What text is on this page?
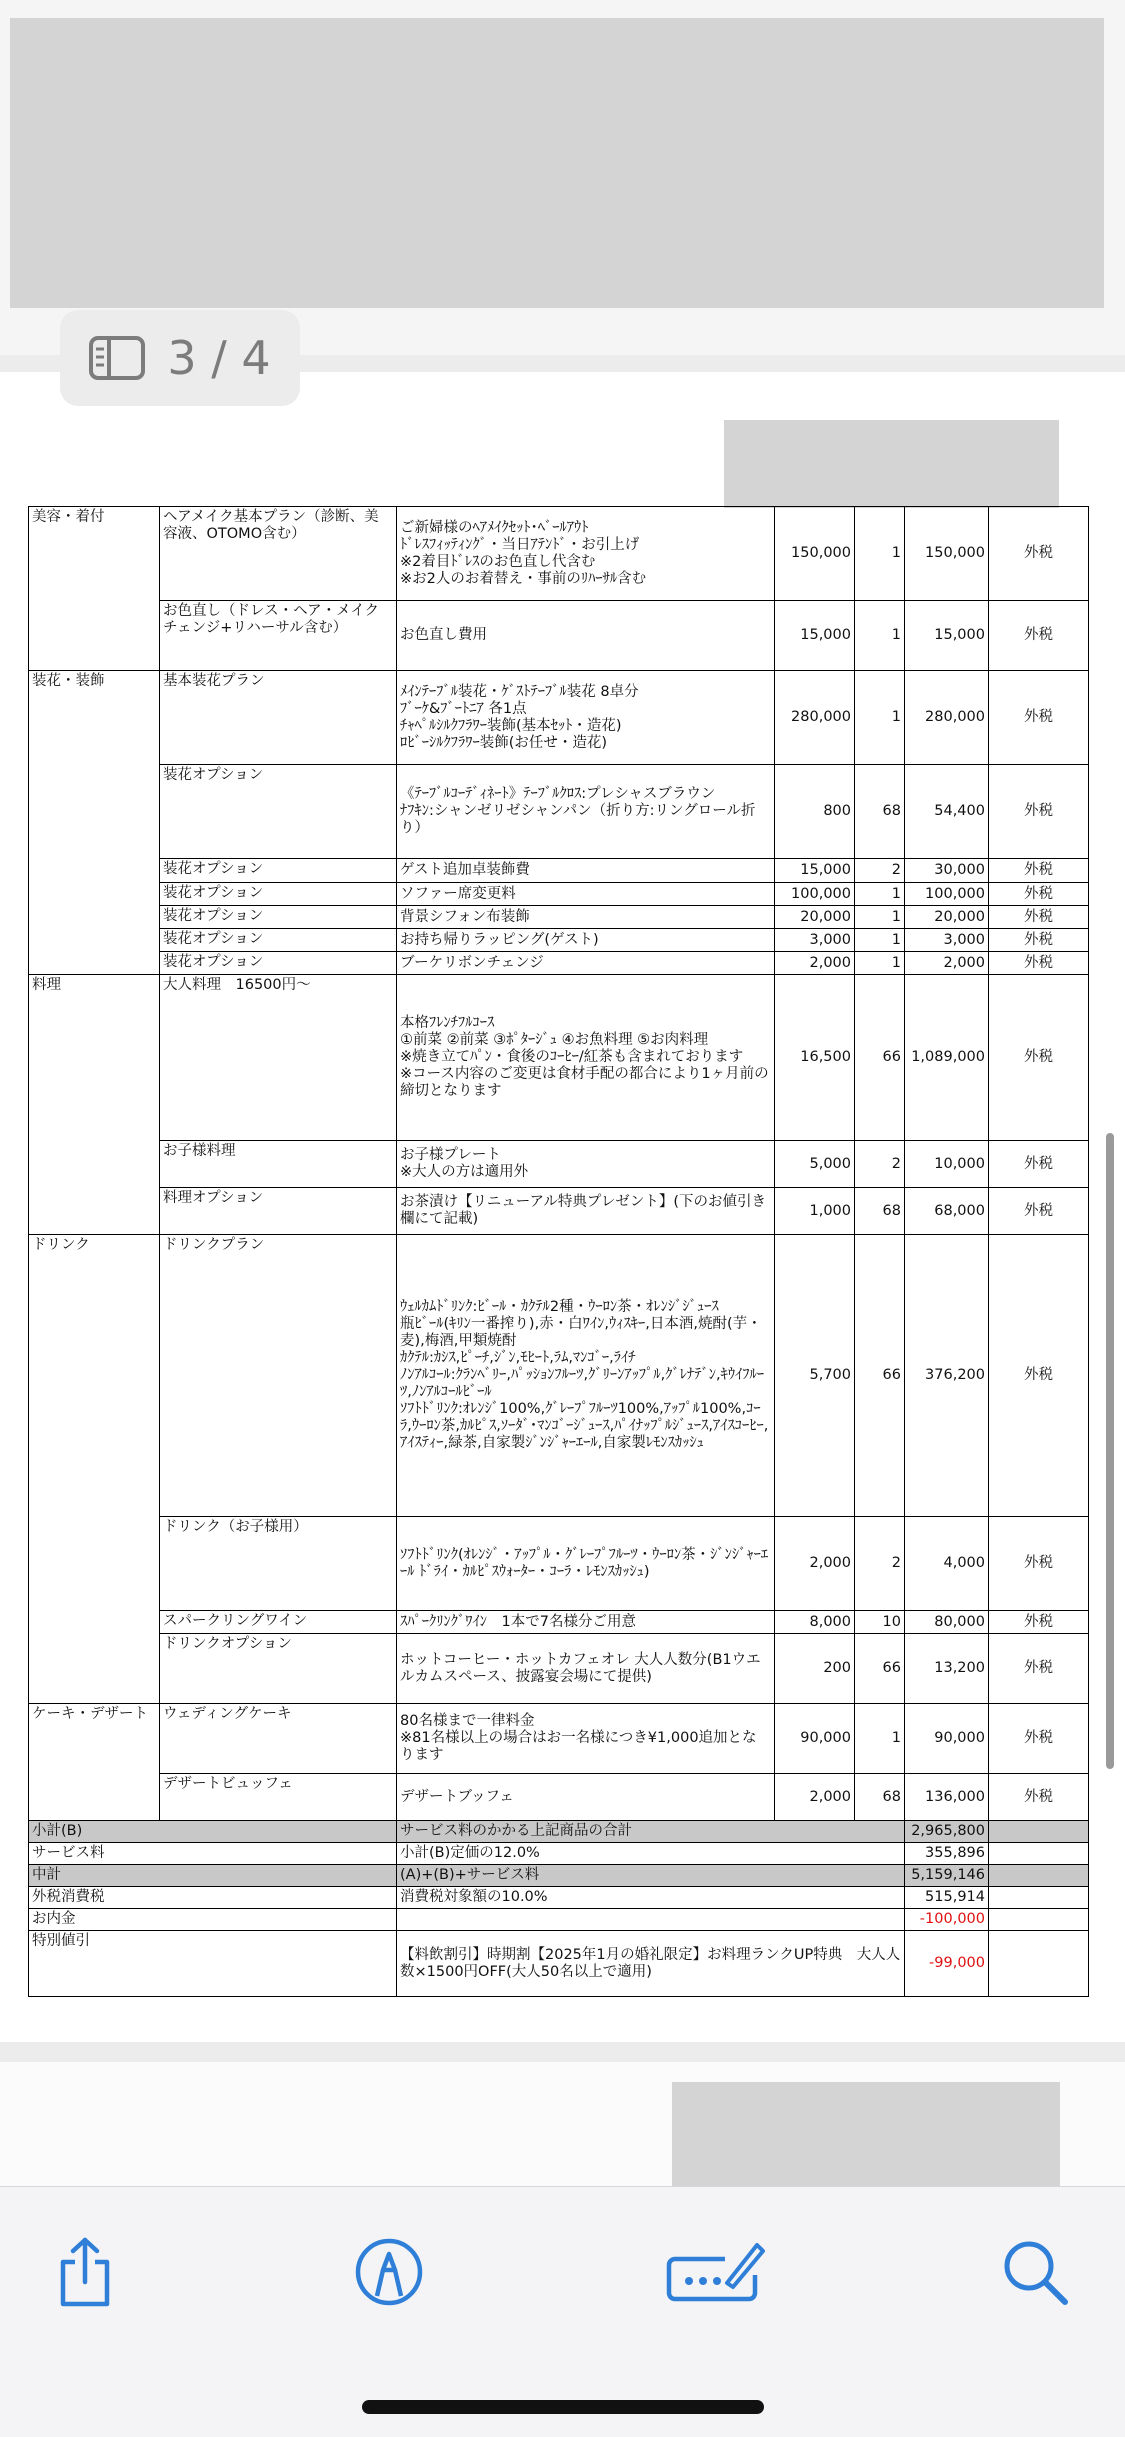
美容・着付	ヘアメイク基本プラン（診断、美容液、OTOMO含む）	ご新婦様のﾍｱﾒｲｸｾｯﾄ･ﾍﾞｰﾙｱｳﾄ
ﾄﾞﾚｽﾌｨｯﾃｨﾝｸﾞ・当日ｱﾃﾝﾄﾞ・お引上げ
※2着目ﾄﾞﾚｽのお色直し代含む
※お2人のお着替え・事前のﾘﾊｰｻﾙ含む	150,000	1	150,000	外税
	お色直し（ドレス・ヘア・メイクチェンジ+リハーサル含む）	お色直し費用	15,000	1	15,000	外税
装花・装飾	基本装花プラン	ﾒｲﾝﾃｰﾌﾞﾙ装花・ｹﾞｽﾄﾃｰﾌﾞﾙ装花 8卓分
ﾌﾞｰｹ&ﾌﾞｰﾄﾆｱ 各1点
ﾁｬﾍﾟﾙｼﾙｸﾌﾗﾜｰ装飾(基本ｾｯﾄ・造花)
ﾛﾋﾞｰｼﾙｸﾌﾗﾜｰ装飾(お任せ・造花)	280,000	1	280,000	外税
	装花オプション	《ﾃｰﾌﾞﾙｺｰﾃﾞｨﾈｰﾄ》ﾃｰﾌﾞﾙｸﾛｽ:プレシャスブラウン
ﾅﾌｷﾝ:シャンゼリゼシャンパン（折り方:リングロール折り）	800	68	54,400	外税
	装花オプション	ゲスト追加卓装飾費	15,000	2	30,000	外税
	装花オプション	ソファー席変更料	100,000	1	100,000	外税
	装花オプション	背景シフォン布装飾	20,000	1	20,000	外税
	装花オプション	お持ち帰りラッピング(ゲスト)	3,000	1	3,000	外税
	装花オプション	ブーケリボンチェンジ	2,000	1	2,000	外税
料理	大人料理　16500円～	本格ﾌﾚﾝﾁﾌﾙｺｰｽ
①前菜 ②前菜 ③ﾎﾟﾀｰｼﾞｭ ④お魚料理 ⑤お肉料理
※焼き立てﾊﾟﾝ・食後のｺｰﾋｰ/紅茶も含まれております
※コース内容のご変更は食材手配の都合により1ヶ月前の締切となります	16,500	66	1,089,000	外税
	お子様料理	お子様プレート
※大人の方は適用外	5,000	2	10,000	外税
	料理オプション	お茶漬け【リニューアル特典プレゼント】(下のお値引き欄にて記載)	1,000	68	68,000	外税
ドリンク	ドリンクプラン	ｳｪﾙｶﾑﾄﾞﾘﾝｸ:ﾋﾞｰﾙ・ｶｸﾃﾙ2種・ｳｰﾛﾝ茶・ｵﾚﾝｼﾞｼﾞｭｰｽ
瓶ﾋﾞｰﾙ(ｷﾘﾝ一番搾り),赤・白ﾜｲﾝ,ｳｨｽｷｰ,日本酒,焼酎(芋・麦),梅酒,甲類焼酎
ｶｸﾃﾙ:ｶｼｽ,ﾋﾟｰﾁ,ｼﾞﾝ,ﾓﾋｰﾄ,ﾗﾑ,ﾏﾝｺﾞｰ,ﾗｲﾁ
ﾉﾝｱﾙｺｰﾙ:ｸﾗﾝﾍﾞﾘｰ,ﾊﾟｯｼｮﾝﾌﾙｰﾂ,ｸﾞﾘｰﾝｱｯﾌﾟﾙ,ｸﾞﾚﾅﾃﾞﾝ,ｷｳｲﾌﾙｰﾂ,ﾉﾝｱﾙｺｰﾙﾋﾞｰﾙ
ｿﾌﾄﾄﾞﾘﾝｸ:ｵﾚﾝｼﾞ100%,ｸﾞﾚｰﾌﾟﾌﾙｰﾂ100%,ｱｯﾌﾟﾙ100%,ｺｰﾗ,ｳｰﾛﾝ茶,ｶﾙﾋﾟｽ,ｿｰﾀﾞ･ﾏﾝｺﾞｰｼﾞｭｰｽ,ﾊﾟｲﾅｯﾌﾟﾙｼﾞｭｰｽ,ｱｲｽｺｰﾋｰ,ｱｲｽﾃｨｰ,緑茶,自家製ｼﾞﾝｼﾞｬｰｴｰﾙ,自家製ﾚﾓﾝｽｶｯｼｭ	5,700	66	376,200	外税
	ドリンク（お子様用）	ｿﾌﾄﾄﾞﾘﾝｸ(ｵﾚﾝｼﾞ・ｱｯﾌﾟﾙ・ｸﾞﾚｰﾌﾟﾌﾙｰﾂ・ｳｰﾛﾝ茶・ｼﾞﾝｼﾞｬｰｴｰﾙ ﾄﾞﾗｲ・ｶﾙﾋﾟｽｳｫｰﾀｰ・ｺｰﾗ・ﾚﾓﾝｽｶｯｼｭ)	2,000	2	4,000	外税
	スパークリングワイン	ｽﾊﾟｰｸﾘﾝｸﾞﾜｲﾝ　1本で7名様分ご用意	8,000	10	80,000	外税
	ドリンクオプション	ホットコーヒー・ホットカフェオレ 大人人数分(B1ウエルカムスペース、披露宴会場にて提供)	200	66	13,200	外税
ケーキ・デザート	ウェディングケーキ	80名様まで一律料金
※81名様以上の場合はお一名様につき¥1,000追加となります	90,000	1	90,000	外税
	デザートビュッフェ	デザートブッフェ	2,000	68	136,000	外税
小計(B)		サービス料のかかる上記商品の合計			2,965,800	
サービス料		小計(B)定価の12.0%			355,896	
中計		(A)+(B)+サービス料			5,159,146	
外税消費税		消費税対象額の10.0%			515,914	
お内金					-100,000	
特別値引		【料飲割引】時期割【2025年1月の婚礼限定】お料理ランクUP特典　大人人数×1500円OFF(大人50名以上で適用)			-99,000	
3 / 4
